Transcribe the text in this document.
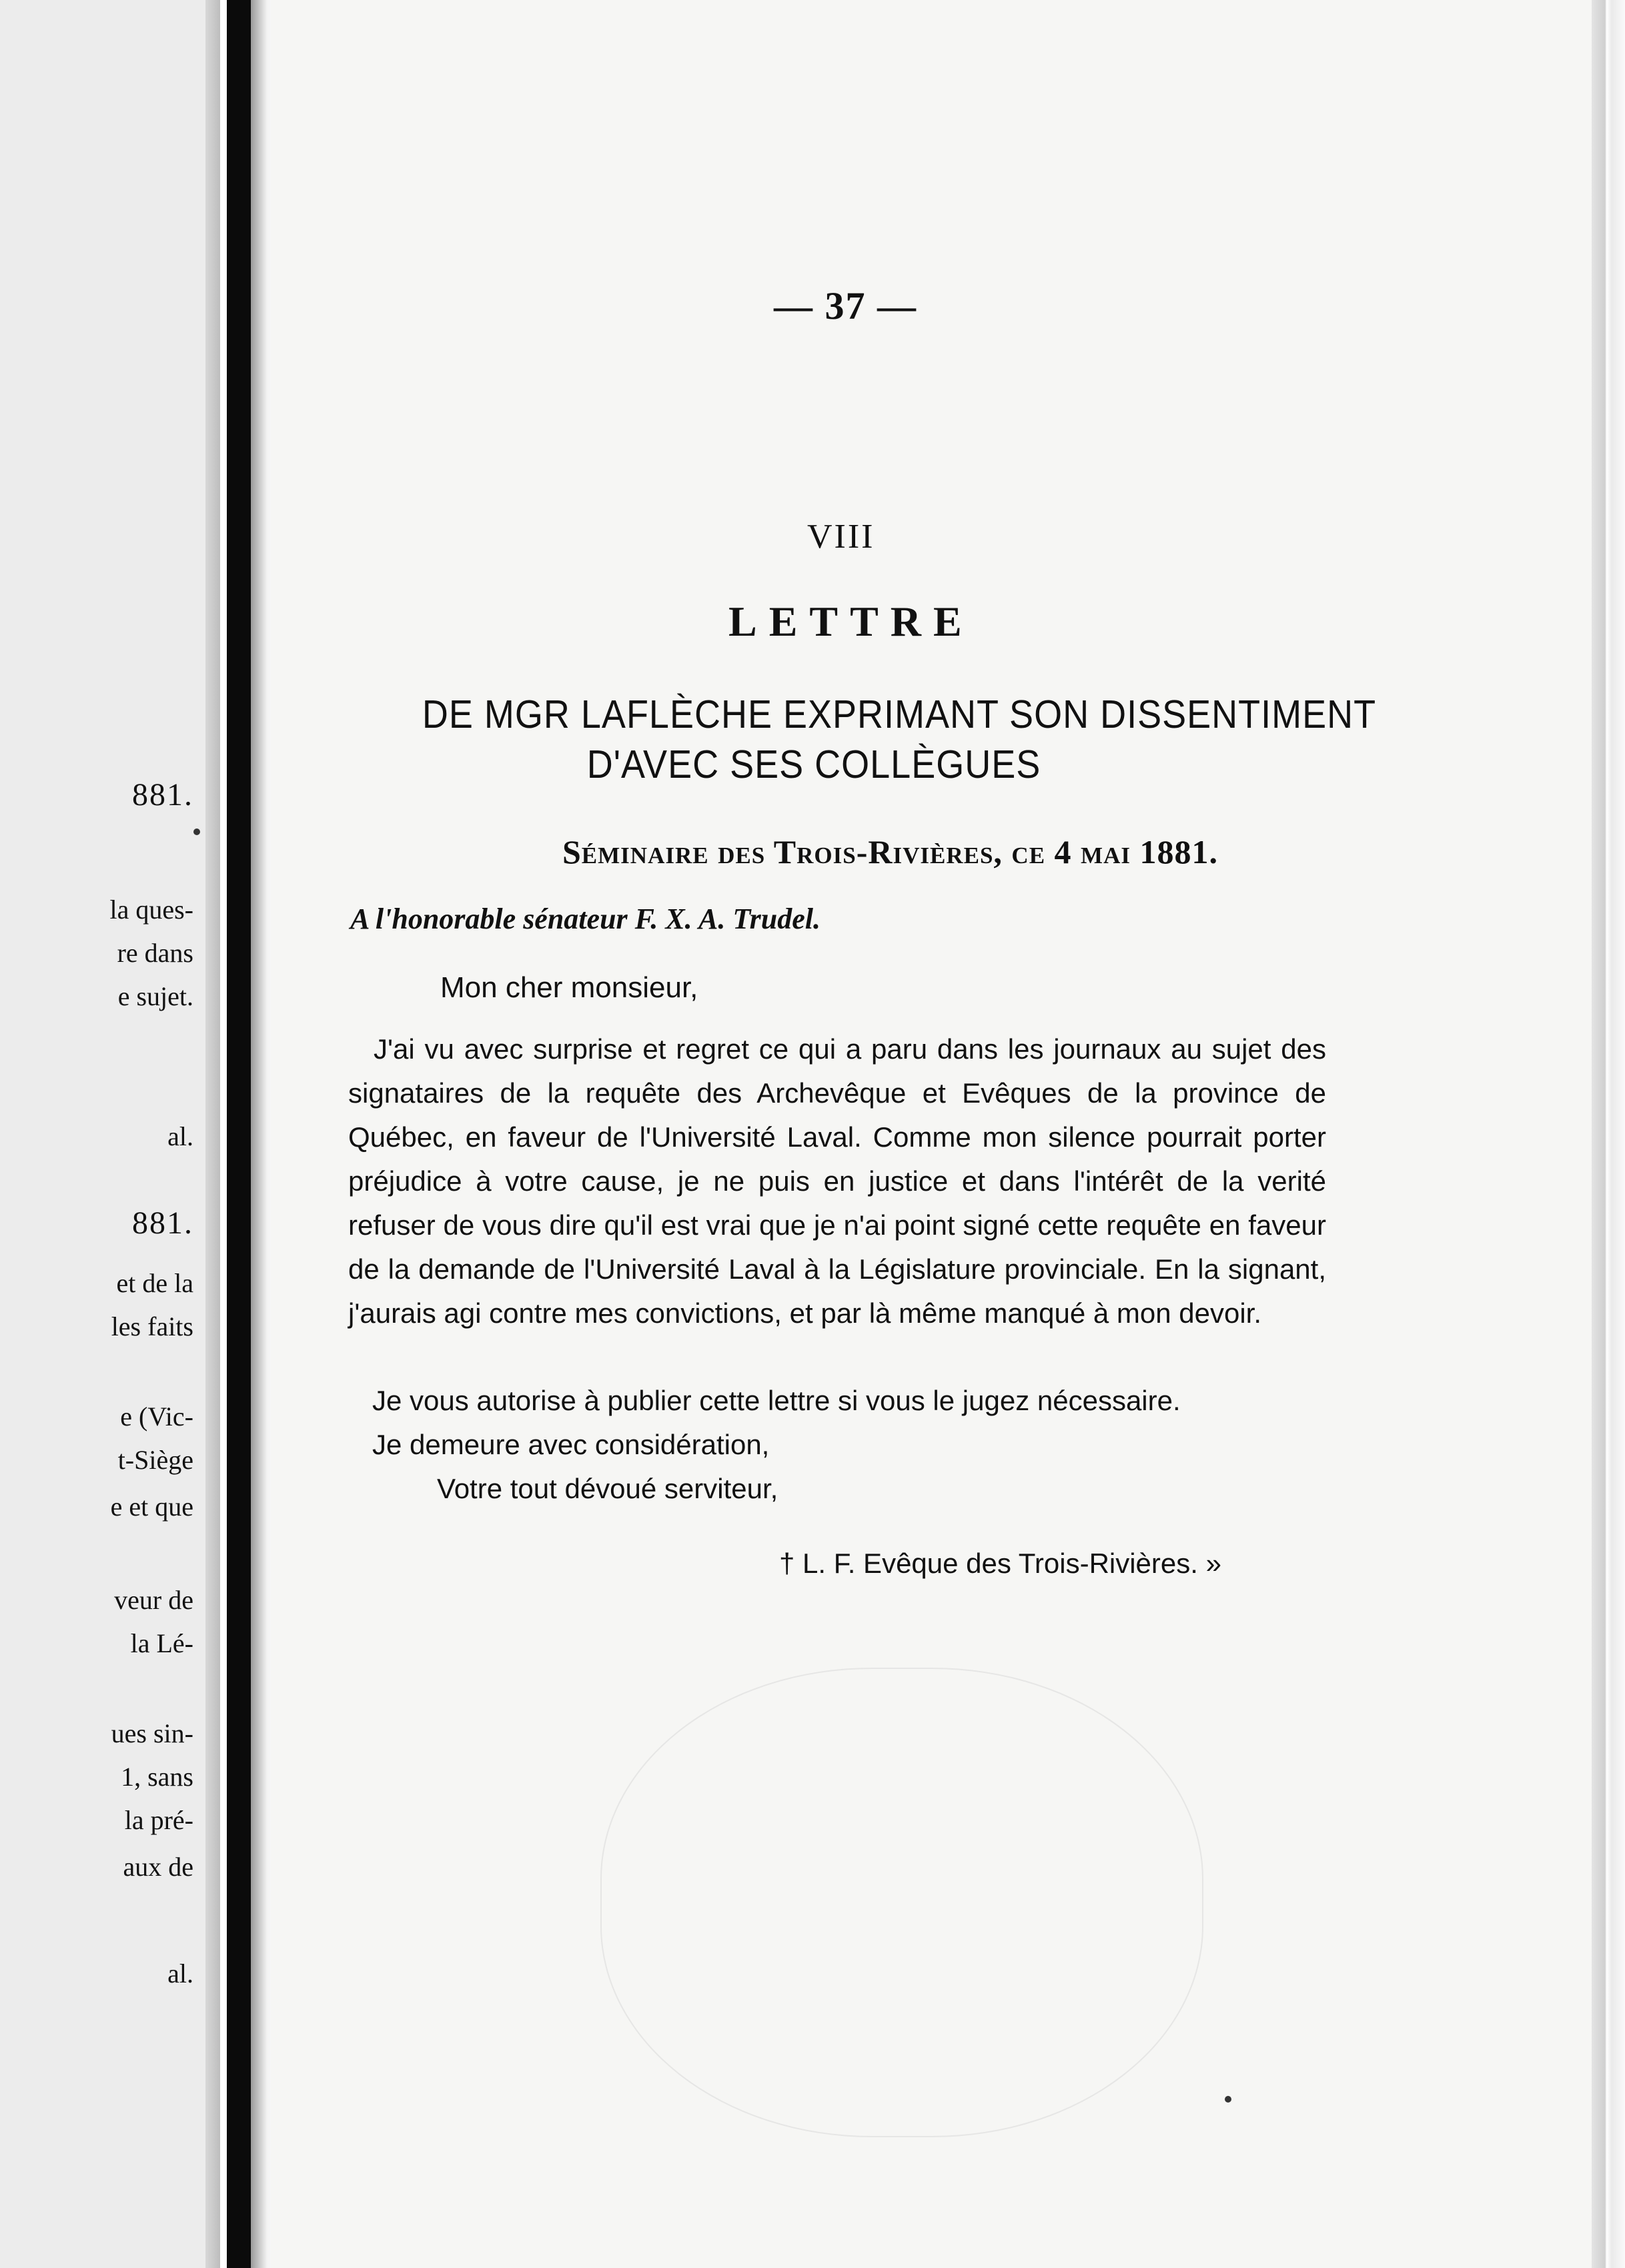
881.
la ques-
re dans
e sujet.
al.
881.
et de la
les faits
e (Vic-
t-Siège
e et que
veur de
la Lé-
ues sin-
1, sans
la pré-
aux de
al.
— 37 —
VIII
LETTRE
DE MGR LAFLÈCHE EXPRIMANT SON DISSENTIMENT
D'AVEC SES COLLÈGUES
Séminaire des Trois-Rivières, ce 4 mai 1881.
A l'honorable sénateur F. X. A. Trudel.
Mon cher monsieur,
J'ai vu avec surprise et regret ce qui a paru dans les journaux au sujet des signataires de la requête des Archevêque et Evêques de la province de Québec, en faveur de l'Université Laval. Comme mon silence pourrait porter préjudice à votre cause, je ne puis en justice et dans l'intérêt de la verité refuser de vous dire qu'il est vrai que je n'ai point signé cette requête en faveur de la demande de l'Université Laval à la Législature provinciale. En la signant, j'aurais agi contre mes convictions, et par là même manqué à mon devoir.
Je vous autorise à publier cette lettre si vous le jugez nécessaire.
Je demeure avec considération,
Votre tout dévoué serviteur,
† L. F. Evêque des Trois-Rivières. »
